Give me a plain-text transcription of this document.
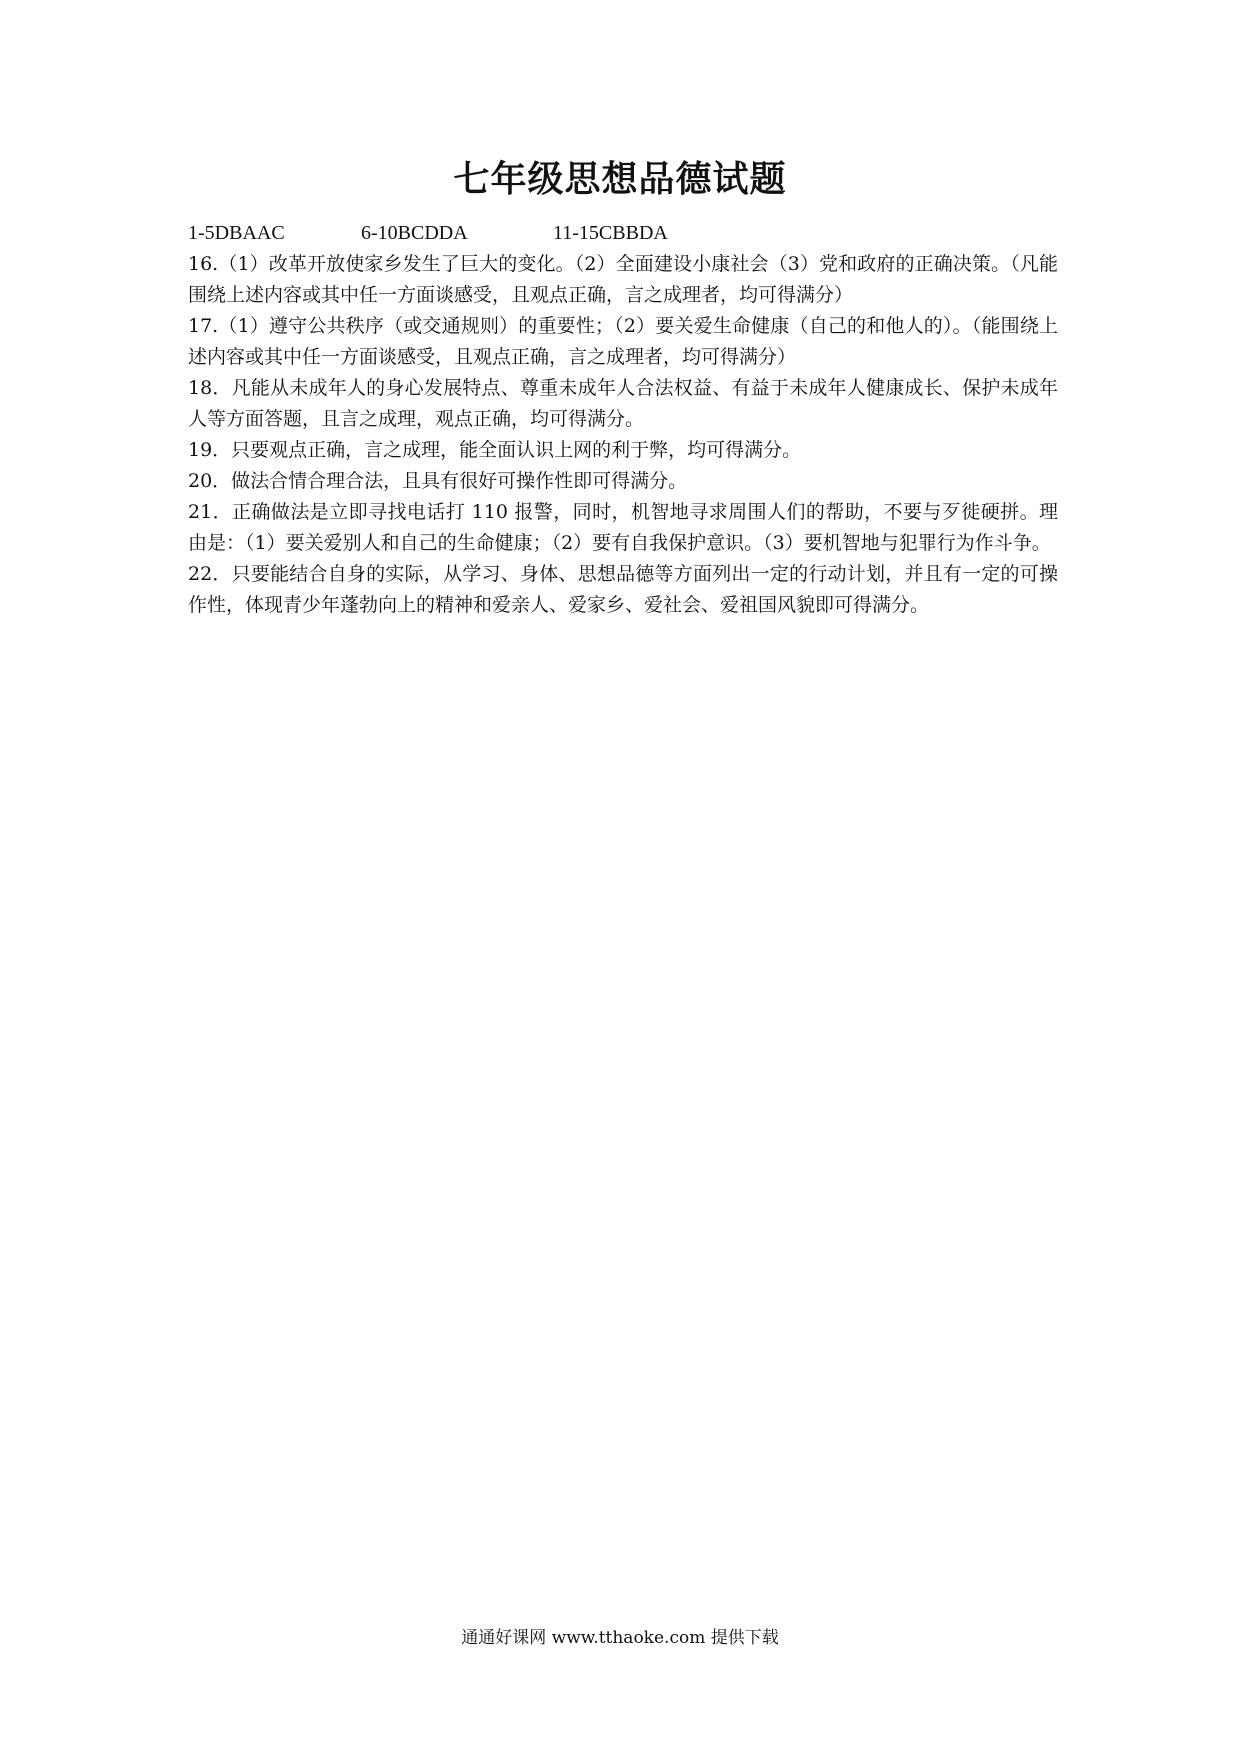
七年级思想品德试题
1-5DBAAC	6-10BCDDA	11-15CBBDA

16.（1）改革开放使家乡发生了巨大的变化。（2）全面建设小康社会（3）党和政府的正确决策。（凡能围绕上述内容或其中任一方面谈感受，且观点正确，言之成理者，均可得满分）

17.（1）遵守公共秩序（或交通规则）的重要性；（2）要关爱生命健康（自己的和他人的）。（能围绕上述内容或其中任一方面谈感受，且观点正确，言之成理者，均可得满分）

18．凡能从未成年人的身心发展特点、尊重未成年人合法权益、有益于未成年人健康成长、保护未成年人等方面答题，且言之成理，观点正确，均可得满分。

19．只要观点正确，言之成理，能全面认识上网的利于弊，均可得满分。

20．做法合情合理合法，且具有很好可操作性即可得满分。

21．正确做法是立即寻找电话打 110 报警，同时，机智地寻求周围人们的帮助，不要与歹徙硬拼。理由是：（1）要关爱别人和自己的生命健康；（2）要有自我保护意识。（3）要机智地与犯罪行为作斗争。

22．只要能结合自身的实际，从学习、身体、思想品德等方面列出一定的行动计划，并且有一定的可操作性，体现青少年蓬勃向上的精神和爱亲人、爱家乡、爱社会、爱祖国风貌即可得满分。

通通好课网 www.tthaoke.com 提供下载
